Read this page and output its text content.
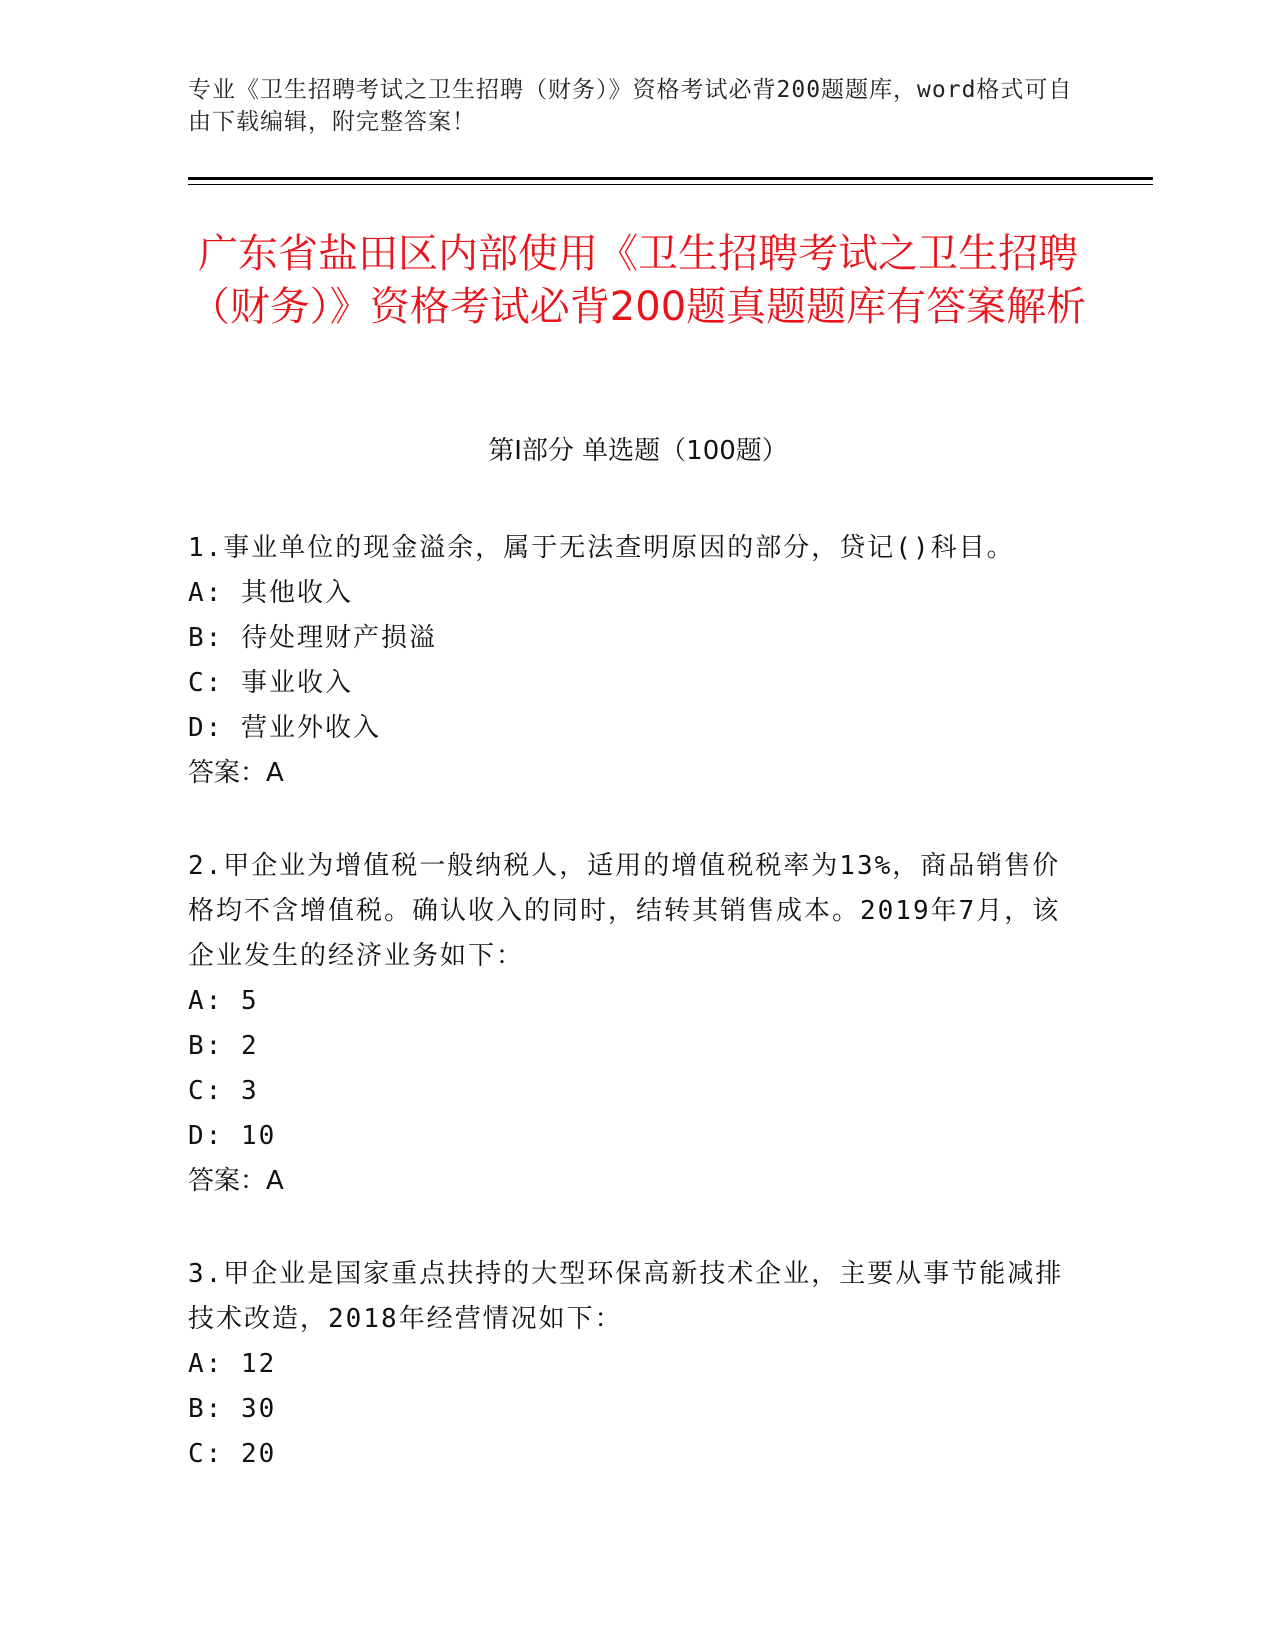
专业《卫生招聘考试之卫生招聘（财务）》资格考试必背200题题库，word格式可自由下载编辑，附完整答案！
广东省盐田区内部使用《卫生招聘考试之卫生招聘（财务）》资格考试必背200题真题题库有答案解析
第Ⅰ部分 单选题（100题）
1.事业单位的现金溢余，属于无法查明原因的部分，贷记()科目。
A: 其他收入
B: 待处理财产损溢
C: 事业收入
D: 营业外收入
答案：A
2.甲企业为增值税一般纳税人，适用的增值税税率为13%，商品销售价格均不含增值税。确认收入的同时，结转其销售成本。2019年7月，该企业发生的经济业务如下：
A: 5
B: 2
C: 3
D: 10
答案：A
3.甲企业是国家重点扶持的大型环保高新技术企业，主要从事节能减排技术改造，2018年经营情况如下：
A: 12
B: 30
C: 20
